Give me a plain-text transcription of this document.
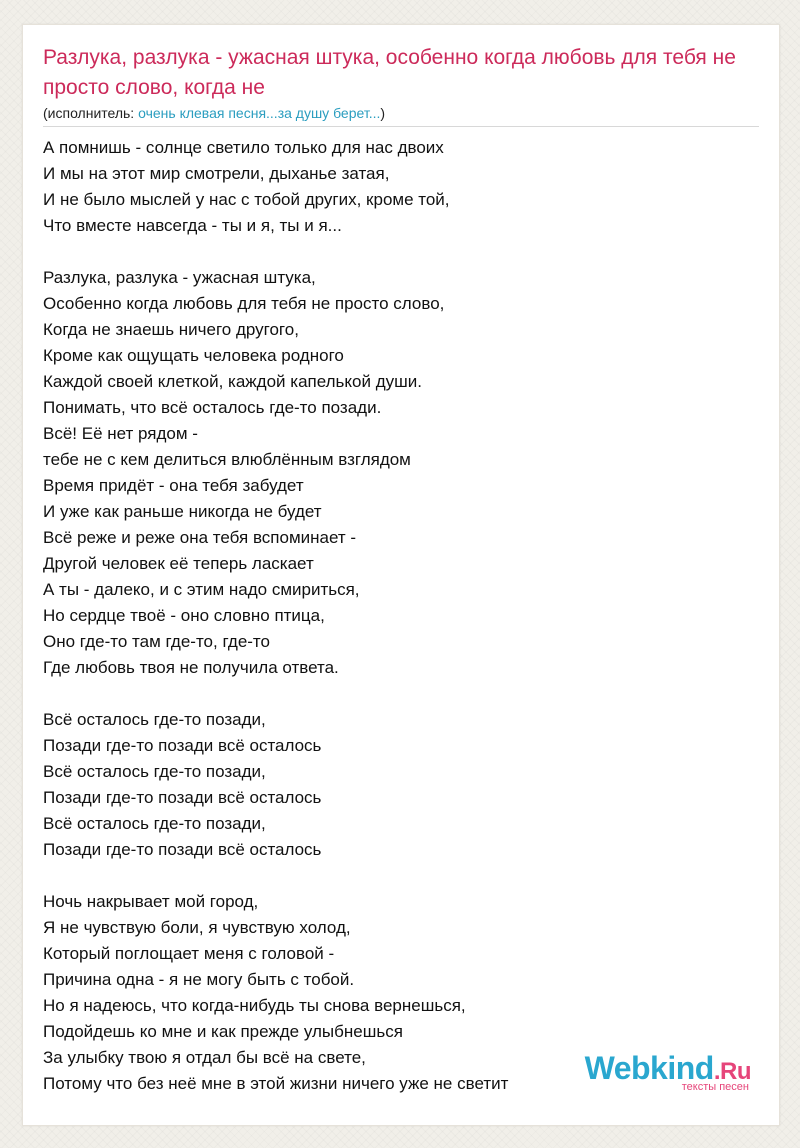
Разлука, разлука - ужасная штука, особенно когда любовь для тебя не просто слово, когда не
(исполнитель: очень клевая песня...за душу берет...)
А помнишь - солнце светило только для нас двоих
И мы на этот мир смотрели, дыханье затая,
И не было мыслей у нас с тобой других, кроме той,
Что вместе навсегда - ты и я, ты и я...
Разлука, разлука - ужасная штука,
Особенно когда любовь для тебя не просто слово,
Когда не знаешь ничего другого,
Кроме как ощущать человека родного
Каждой своей клеткой, каждой капелькой души.
Понимать, что всё осталось где-то позади.
Всё! Её нет рядом -
тебе не с кем делиться влюблённым взглядом
Время придёт - она тебя забудет
И уже как раньше никогда не будет
Всё реже и реже она тебя вспоминает -
Другой человек её теперь ласкает
А ты - далеко, и с этим надо смириться,
Но сердце твоё - оно словно птица,
Оно где-то там где-то, где-то
Где любовь твоя не получила ответа.
Всё осталось где-то позади,
Позади где-то позади всё осталось
Всё осталось где-то позади,
Позади где-то позади всё осталось
Всё осталось где-то позади,
Позади где-то позади всё осталось
Ночь накрывает мой город,
Я не чувствую боли, я чувствую холод,
Который поглощает меня с головой -
Причина одна - я не могу быть с тобой.
Но я надеюсь, что когда-нибудь ты снова вернешься,
Подойдешь ко мне и как прежде улыбнешься
За улыбку твою я отдал бы всё на свете,
Потому что без неё мне в этой жизни ничего уже не светит	Webkind.Ru
тексты песен
